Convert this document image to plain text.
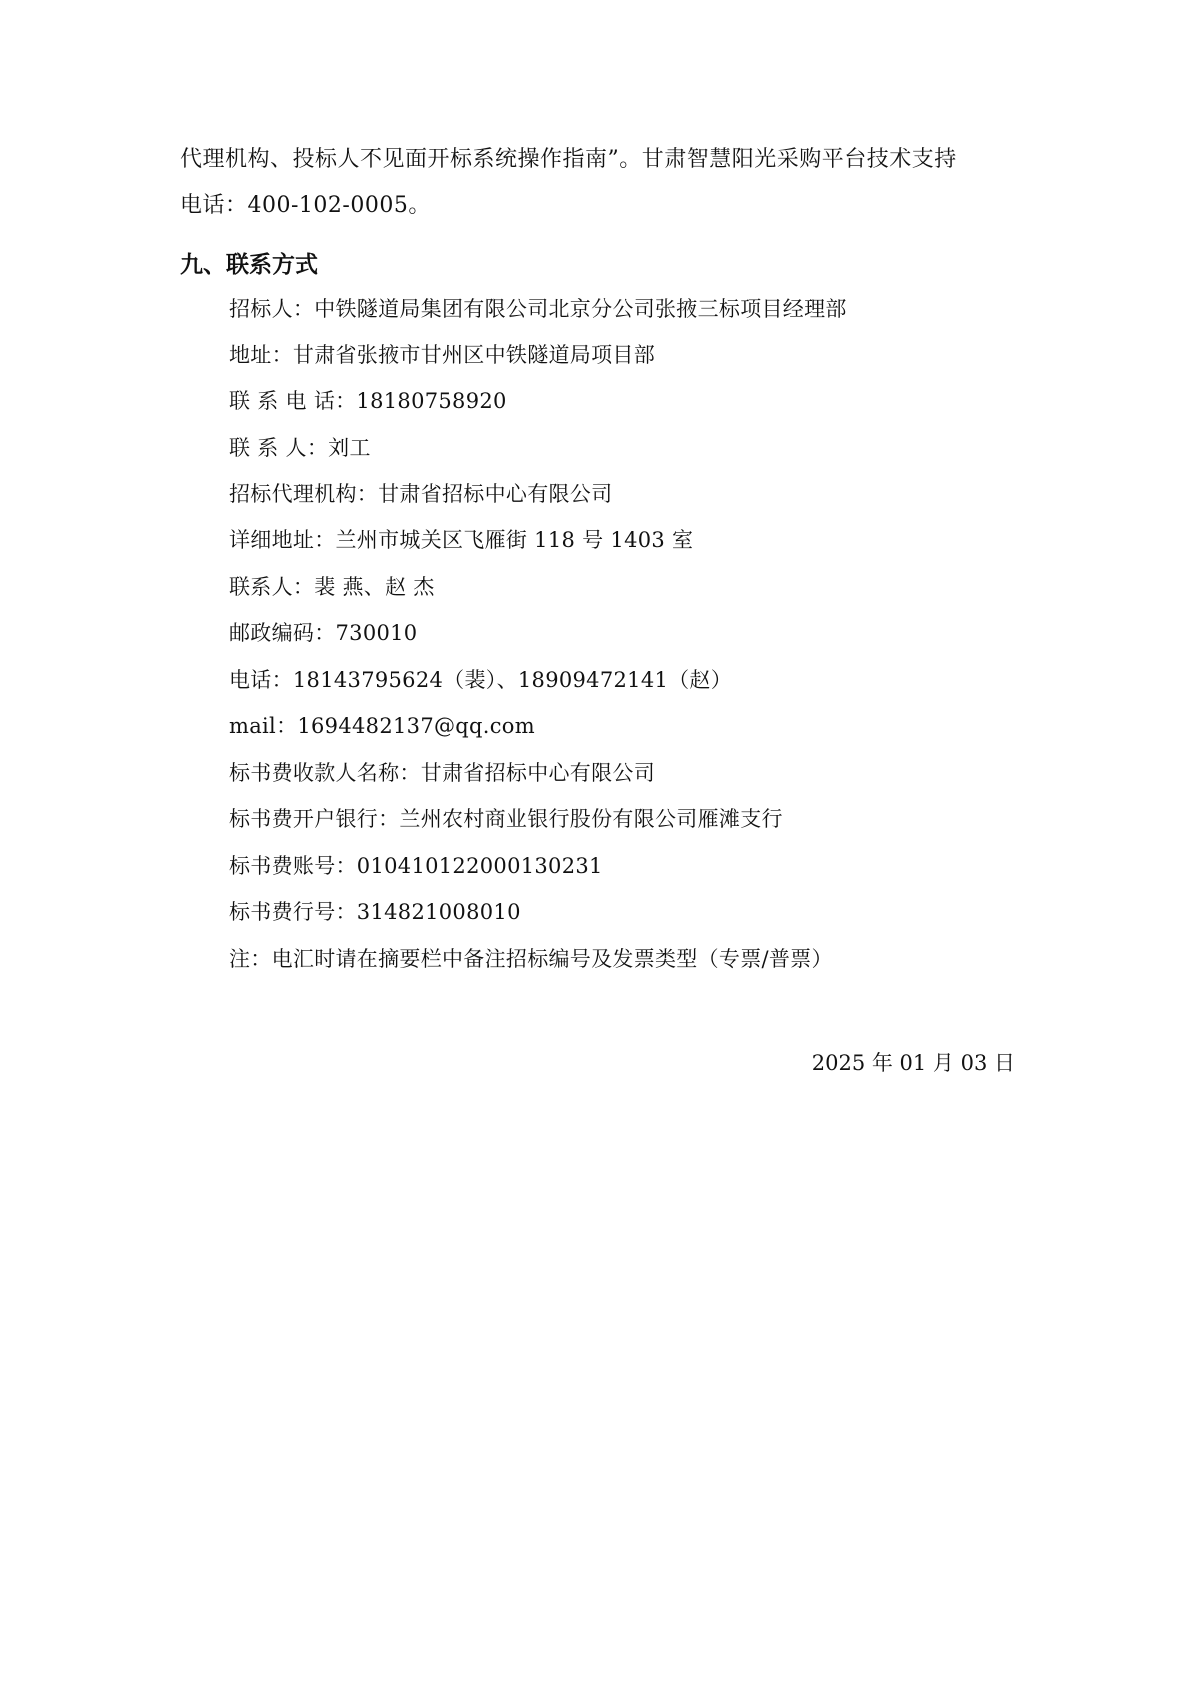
代理机构、投标人不见面开标系统操作指南”。甘肃智慧阳光采购平台技术支持
电话：400-102-0005。
九、联系方式
招标人：中铁隧道局集团有限公司北京分公司张掖三标项目经理部
地址：甘肃省张掖市甘州区中铁隧道局项目部
联 系 电 话：18180758920
联 系 人：刘工
招标代理机构：甘肃省招标中心有限公司
详细地址：兰州市城关区飞雁街 118 号 1403 室
联系人：裴 燕、赵 杰
邮政编码：730010
电话：18143795624（裴）、18909472141（赵）
mail：1694482137@qq.com
标书费收款人名称：甘肃省招标中心有限公司
标书费开户银行：兰州农村商业银行股份有限公司雁滩支行
标书费账号：010410122000130231
标书费行号：314821008010
注：电汇时请在摘要栏中备注招标编号及发票类型（专票/普票）
2025 年 01 月 03 日
